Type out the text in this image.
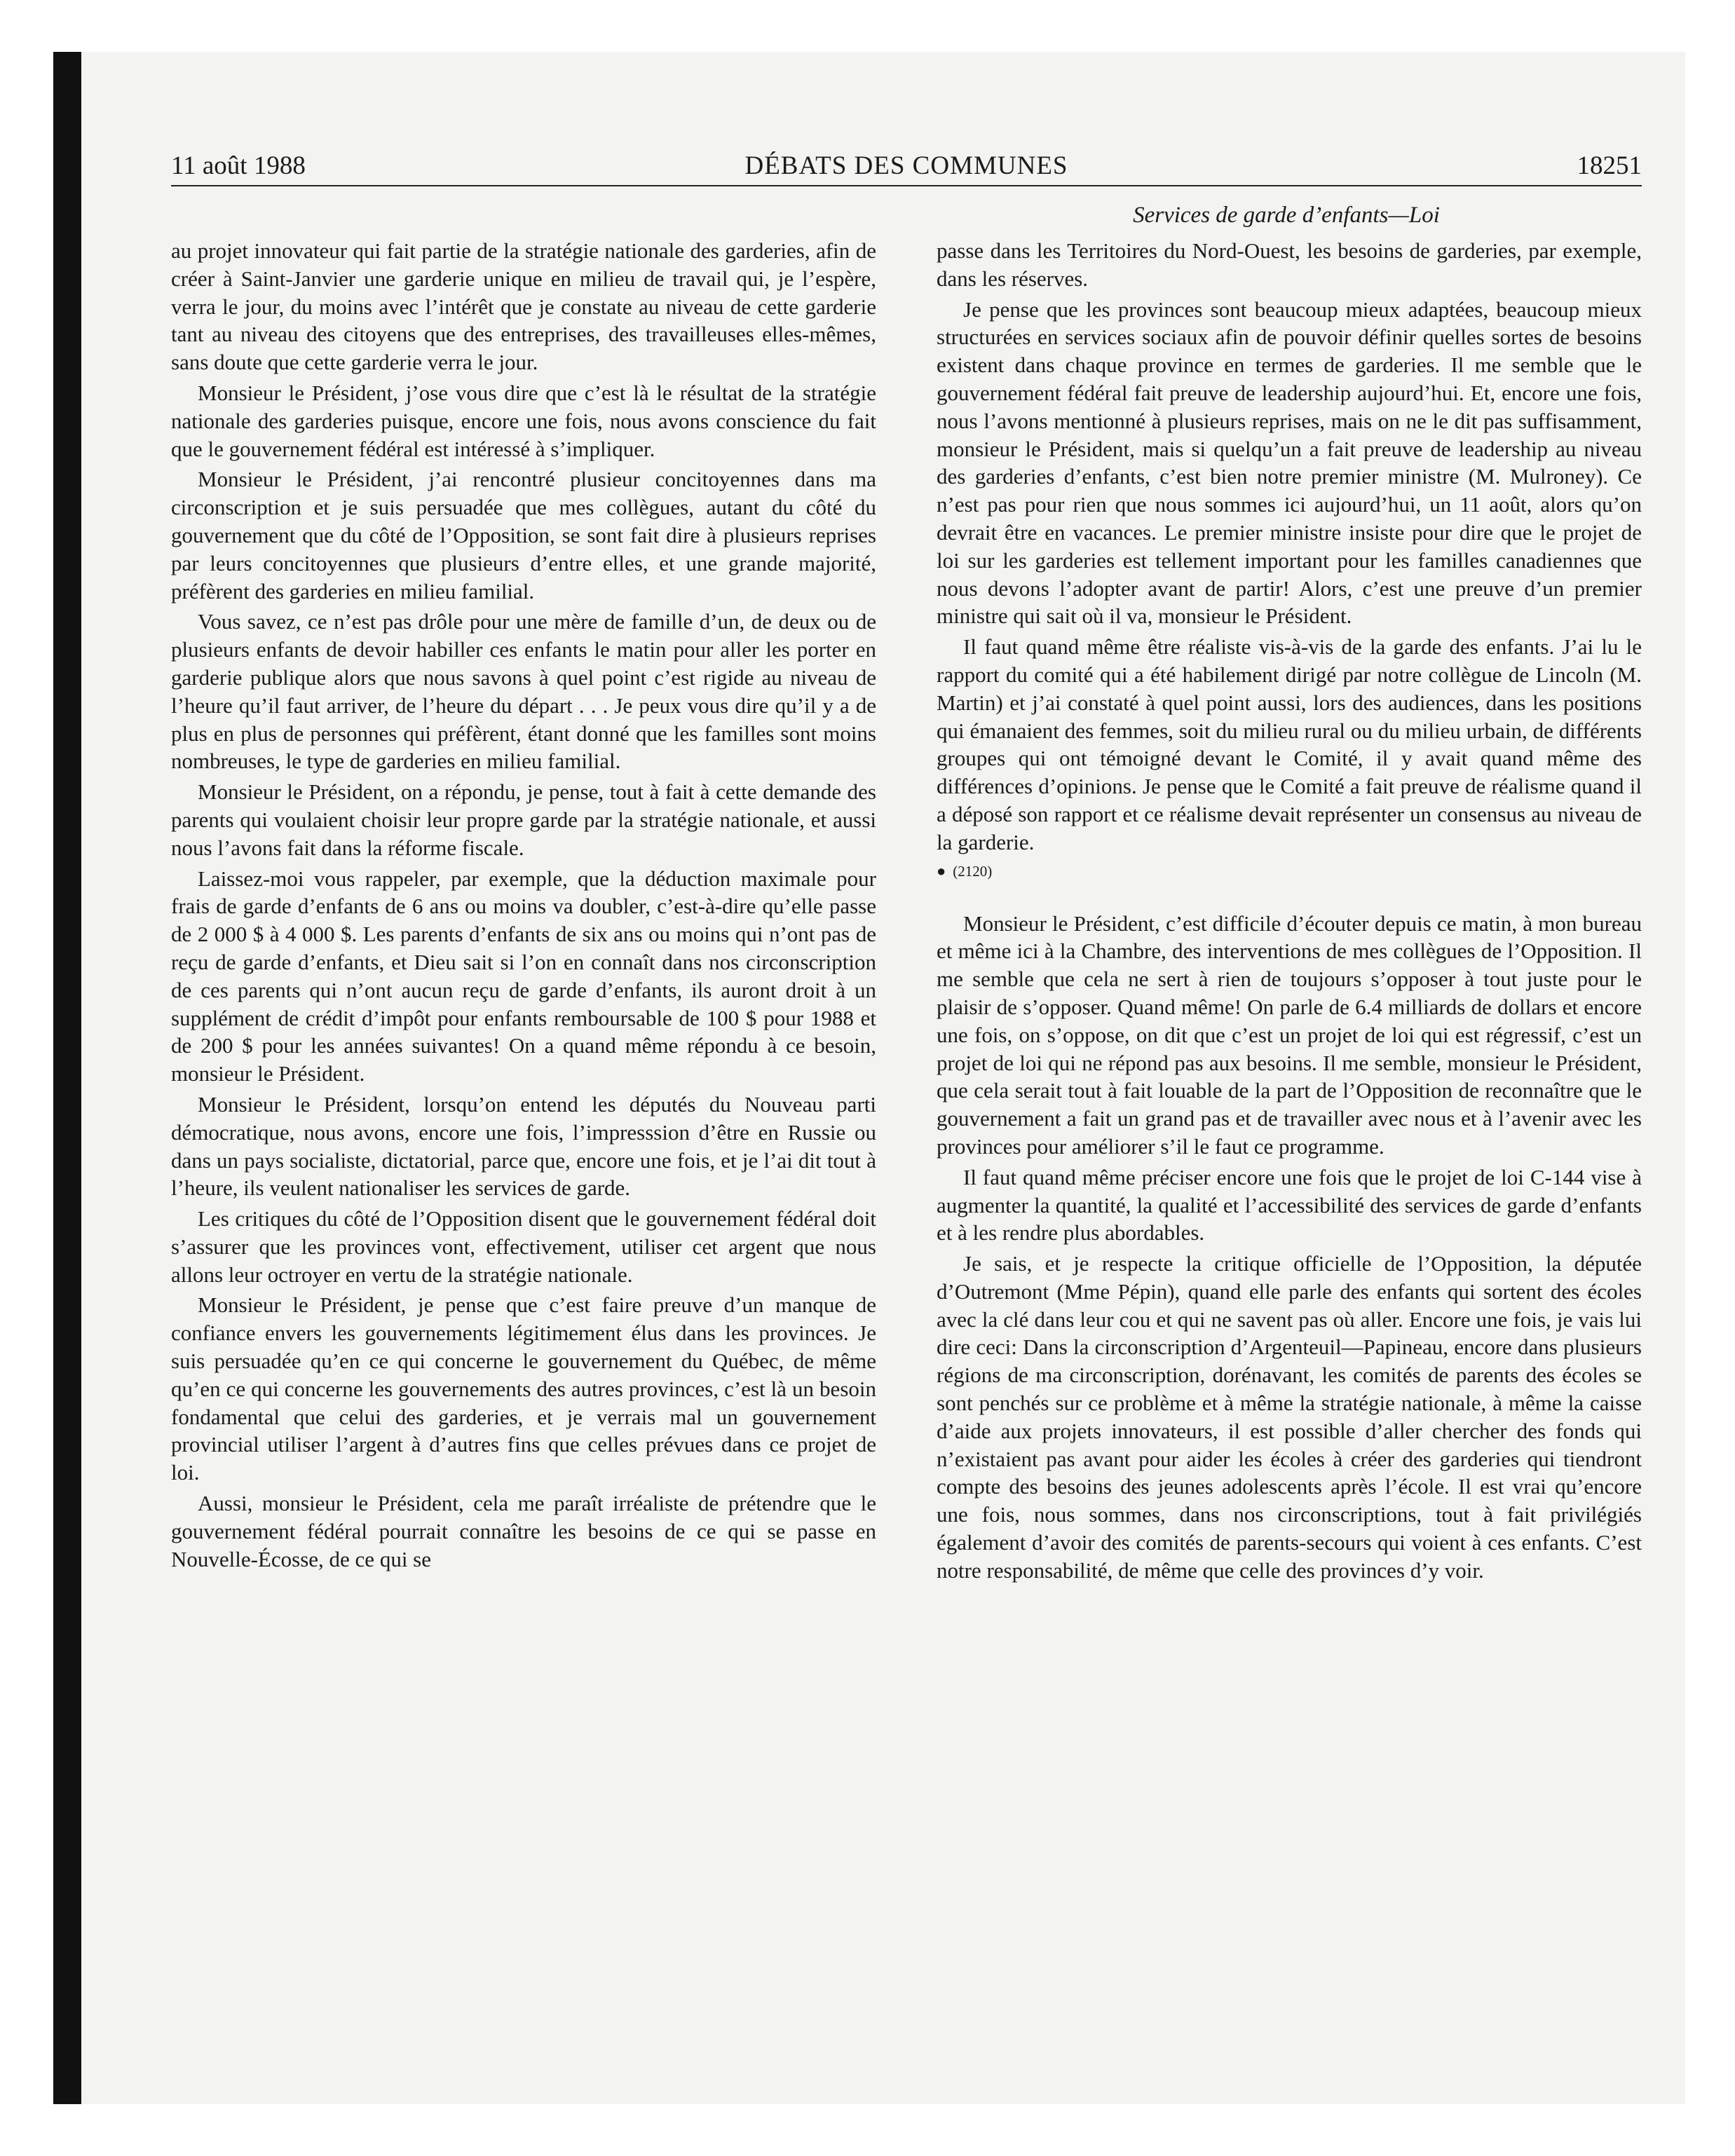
11 août 1988	DÉBATS DES COMMUNES	18251
Services de garde d’enfants—Loi

au projet innovateur qui fait partie de la stratégie nationale des garderies, afin de créer à Saint-Janvier une garderie unique en milieu de travail qui, je l’espère, verra le jour, du moins avec l’intérêt que je constate au niveau de cette garderie tant au niveau des citoyens que des entreprises, des travailleuses elles-mêmes, sans doute que cette garderie verra le jour.

Monsieur le Président, j’ose vous dire que c’est là le résultat de la stratégie nationale des garderies puisque, encore une fois, nous avons conscience du fait que le gouvernement fédéral est intéressé à s’impliquer.

Monsieur le Président, j’ai rencontré plusieur concitoyennes dans ma circonscription et je suis persuadée que mes collègues, autant du côté du gouvernement que du côté de l’Opposition, se sont fait dire à plusieurs reprises par leurs concitoyennes que plusieurs d’entre elles, et une grande majorité, préfèrent des garderies en milieu familial.

Vous savez, ce n’est pas drôle pour une mère de famille d’un, de deux ou de plusieurs enfants de devoir habiller ces enfants le matin pour aller les porter en garderie publique alors que nous savons à quel point c’est rigide au niveau de l’heure qu’il faut arriver, de l’heure du départ . . . Je peux vous dire qu’il y a de plus en plus de personnes qui préfèrent, étant donné que les familles sont moins nombreuses, le type de garderies en milieu familial.

Monsieur le Président, on a répondu, je pense, tout à fait à cette demande des parents qui voulaient choisir leur propre garde par la stratégie nationale, et aussi nous l’avons fait dans la réforme fiscale.

Laissez-moi vous rappeler, par exemple, que la déduction maximale pour frais de garde d’enfants de 6 ans ou moins va doubler, c’est-à-dire qu’elle passe de 2 000 $ à 4 000 $. Les parents d’enfants de six ans ou moins qui n’ont pas de reçu de garde d’enfants, et Dieu sait si l’on en connaît dans nos circonscription de ces parents qui n’ont aucun reçu de garde d’enfants, ils auront droit à un supplément de crédit d’impôt pour enfants remboursable de 100 $ pour 1988 et de 200 $ pour les années suivantes! On a quand même répondu à ce besoin, monsieur le Président.

Monsieur le Président, lorsqu’on entend les députés du Nouveau parti démocratique, nous avons, encore une fois, l’impresssion d’être en Russie ou dans un pays socialiste, dictatorial, parce que, encore une fois, et je l’ai dit tout à l’heure, ils veulent nationaliser les services de garde.

Les critiques du côté de l’Opposition disent que le gouvernement fédéral doit s’assurer que les provinces vont, effectivement, utiliser cet argent que nous allons leur octroyer en vertu de la stratégie nationale.

Monsieur le Président, je pense que c’est faire preuve d’un manque de confiance envers les gouvernements légitimement élus dans les provinces. Je suis persuadée qu’en ce qui concerne le gouvernement du Québec, de même qu’en ce qui concerne les gouvernements des autres provinces, c’est là un besoin fondamental que celui des garderies, et je verrais mal un gouvernement provincial utiliser l’argent à d’autres fins que celles prévues dans ce projet de loi.

Aussi, monsieur le Président, cela me paraît irréaliste de prétendre que le gouvernement fédéral pourrait connaître les besoins de ce qui se passe en Nouvelle-Écosse, de ce qui se

passe dans les Territoires du Nord-Ouest, les besoins de garderies, par exemple, dans les réserves.

Je pense que les provinces sont beaucoup mieux adaptées, beaucoup mieux structurées en services sociaux afin de pouvoir définir quelles sortes de besoins existent dans chaque province en termes de garderies. Il me semble que le gouvernement fédéral fait preuve de leadership aujourd’hui. Et, encore une fois, nous l’avons mentionné à plusieurs reprises, mais on ne le dit pas suffisamment, monsieur le Président, mais si quelqu’un a fait preuve de leadership au niveau des garderies d’enfants, c’est bien notre premier ministre (M. Mulroney). Ce n’est pas pour rien que nous sommes ici aujourd’hui, un 11 août, alors qu’on devrait être en vacances. Le premier ministre insiste pour dire que le projet de loi sur les garderies est tellement important pour les familles canadiennes que nous devons l’adopter avant de partir! Alors, c’est une preuve d’un premier ministre qui sait où il va, monsieur le Président.

Il faut quand même être réaliste vis-à-vis de la garde des enfants. J’ai lu le rapport du comité qui a été habilement dirigé par notre collègue de Lincoln (M. Martin) et j’ai constaté à quel point aussi, lors des audiences, dans les positions qui émanaient des femmes, soit du milieu rural ou du milieu urbain, de différents groupes qui ont témoigné devant le Comité, il y avait quand même des différences d’opinions. Je pense que le Comité a fait preuve de réalisme quand il a déposé son rapport et ce réalisme devait représenter un consensus au niveau de la garderie.

● (2120)

Monsieur le Président, c’est difficile d’écouter depuis ce matin, à mon bureau et même ici à la Chambre, des interventions de mes collègues de l’Opposition. Il me semble que cela ne sert à rien de toujours s’opposer à tout juste pour le plaisir de s’opposer. Quand même! On parle de 6.4 milliards de dollars et encore une fois, on s’oppose, on dit que c’est un projet de loi qui est régressif, c’est un projet de loi qui ne répond pas aux besoins. Il me semble, monsieur le Président, que cela serait tout à fait louable de la part de l’Opposition de reconnaître que le gouvernement a fait un grand pas et de travailler avec nous et à l’avenir avec les provinces pour améliorer s’il le faut ce programme.

Il faut quand même préciser encore une fois que le projet de loi C-144 vise à augmenter la quantité, la qualité et l’accessibilité des services de garde d’enfants et à les rendre plus abordables.

Je sais, et je respecte la critique officielle de l’Opposition, la députée d’Outremont (Mme Pépin), quand elle parle des enfants qui sortent des écoles avec la clé dans leur cou et qui ne savent pas où aller. Encore une fois, je vais lui dire ceci: Dans la circonscription d’Argenteuil—Papineau, encore dans plusieurs régions de ma circonscription, dorénavant, les comités de parents des écoles se sont penchés sur ce problème et à même la stratégie nationale, à même la caisse d’aide aux projets innovateurs, il est possible d’aller chercher des fonds qui n’existaient pas avant pour aider les écoles à créer des garderies qui tiendront compte des besoins des jeunes adolescents après l’école. Il est vrai qu’encore une fois, nous sommes, dans nos circonscriptions, tout à fait privilégiés également d’avoir des comités de parents-secours qui voient à ces enfants. C’est notre responsabilité, de même que celle des provinces d’y voir.
